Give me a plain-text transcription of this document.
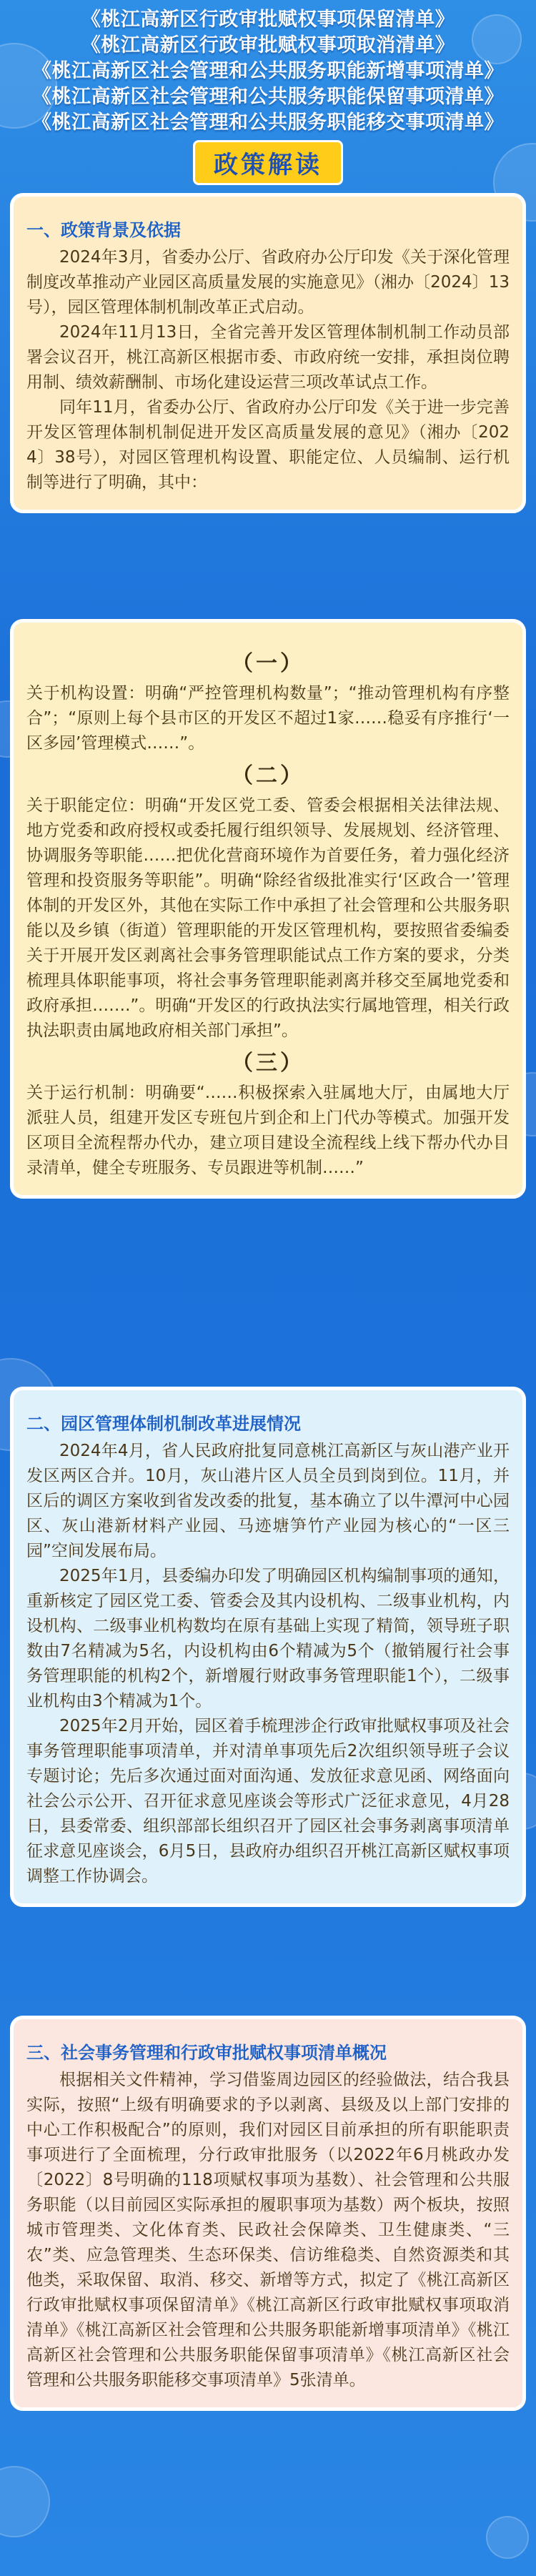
《桃江高新区行政审批赋权事项保留清单》
《桃江高新区行政审批赋权事项取消清单》
《桃江高新区社会管理和公共服务职能新增事项清单》
《桃江高新区社会管理和公共服务职能保留事项清单》
《桃江高新区社会管理和公共服务职能移交事项清单》
政策解读
一、政策背景及依据

2024年3月，省委办公厅、省政府办公厅印发《关于深化管理制度改革推动产业园区高质量发展的实施意见》（湘办〔2024〕13号），园区管理体制机制改革正式启动。

2024年11月13日，全省完善开发区管理体制机制工作动员部署会议召开，桃江高新区根据市委、市政府统一安排，承担岗位聘用制、绩效薪酬制、市场化建设运营三项改革试点工作。

同年11月，省委办公厅、省政府办公厅印发《关于进一步完善开发区管理体制机制促进开发区高质量发展的意见》（湘办〔2024〕38号），对园区管理机构设置、职能定位、人员编制、运行机制等进行了明确，其中：

（一）

关于机构设置：明确“严控管理机构数量”；“推动管理机构有序整合”；“原则上每个县市区的开发区不超过1家……稳妥有序推行‘一区多园’管理模式……”。

（二）

关于职能定位：明确“开发区党工委、管委会根据相关法律法规、地方党委和政府授权或委托履行组织领导、发展规划、经济管理、协调服务等职能……把优化营商环境作为首要任务，着力强化经济管理和投资服务等职能”。明确“除经省级批准实行‘区政合一’管理体制的开发区外，其他在实际工作中承担了社会管理和公共服务职能以及乡镇（街道）管理职能的开发区管理机构，要按照省委编委关于开展开发区剥离社会事务管理职能试点工作方案的要求，分类梳理具体职能事项，将社会事务管理职能剥离并移交至属地党委和政府承担…….”。明确“开发区的行政执法实行属地管理，相关行政执法职责由属地政府相关部门承担”。

（三）

关于运行机制：明确要“……积极探索入驻属地大厅，由属地大厅派驻人员，组建开发区专班包片到企和上门代办等模式。加强开发区项目全流程帮办代办，建立项目建设全流程线上线下帮办代办目录清单，健全专班服务、专员跟进等机制……”

二、园区管理体制机制改革进展情况

2024年4月，省人民政府批复同意桃江高新区与灰山港产业开发区两区合并。10月，灰山港片区人员全员到岗到位。11月，并区后的调区方案收到省发改委的批复，基本确立了以牛潭河中心园区、灰山港新材料产业园、马迹塘笋竹产业园为核心的“一区三园”空间发展布局。

2025年1月，县委编办印发了明确园区机构编制事项的通知，重新核定了园区党工委、管委会及其内设机构、二级事业机构，内设机构、二级事业机构数均在原有基础上实现了精简，领导班子职数由7名精减为5名，内设机构由6个精减为5个（撤销履行社会事务管理职能的机构2个，新增履行财政事务管理职能1个），二级事业机构由3个精减为1个。

2025年2月开始，园区着手梳理涉企行政审批赋权事项及社会事务管理职能事项清单，并对清单事项先后2次组织领导班子会议专题讨论；先后多次通过面对面沟通、发放征求意见函、网络面向社会公示公开、召开征求意见座谈会等形式广泛征求意见，4月28日，县委常委、组织部部长组织召开了园区社会事务剥离事项清单征求意见座谈会，6月5日，县政府办组织召开桃江高新区赋权事项调整工作协调会。

三、社会事务管理和行政审批赋权事项清单概况

根据相关文件精神，学习借鉴周边园区的经验做法，结合我县实际，按照“上级有明确要求的予以剥离、县级及以上部门安排的中心工作积极配合”的原则，我们对园区目前承担的所有职能职责事项进行了全面梳理，分行政审批服务（以2022年6月桃政办发〔2022〕8号明确的118项赋权事项为基数）、社会管理和公共服务职能（以目前园区实际承担的履职事项为基数）两个板块，按照城市管理类、文化体育类、民政社会保障类、卫生健康类、“三农”类、应急管理类、生态环保类、信访维稳类、自然资源类和其他类，采取保留、取消、移交、新增等方式，拟定了《桃江高新区行政审批赋权事项保留清单》《桃江高新区行政审批赋权事项取消清单》《桃江高新区社会管理和公共服务职能新增事项清单》《桃江高新区社会管理和公共服务职能保留事项清单》《桃江高新区社会管理和公共服务职能移交事项清单》5张清单。
